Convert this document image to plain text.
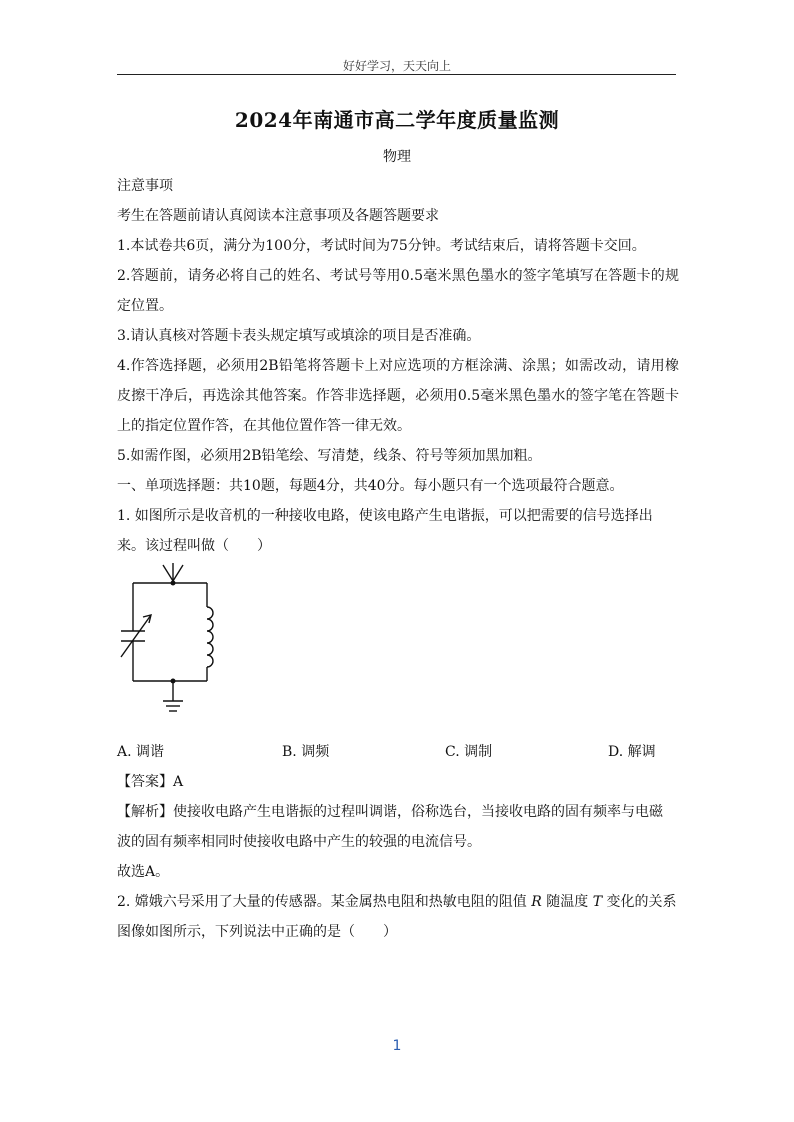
好好学习，天天向上
2024年南通市高二学年度质量监测
物理
注意事项
考生在答题前请认真阅读本注意事项及各题答题要求
1.本试卷共6页，满分为100分，考试时间为75分钟。考试结束后，请将答题卡交回。
2.答题前，请务必将自己的姓名、考试号等用0.5毫米黑色墨水的签字笔填写在答题卡的规定位置。
3.请认真核对答题卡表头规定填写或填涂的项目是否准确。
4.作答选择题，必须用2B铅笔将答题卡上对应选项的方框涂满、涂黑；如需改动，请用橡皮擦干净后，再选涂其他答案。作答非选择题，必须用0.5毫米黑色墨水的签字笔在答题卡上的指定位置作答，在其他位置作答一律无效。
5.如需作图，必须用2B铅笔绘、写清楚，线条、符号等须加黑加粗。
一、单项选择题：共10题，每题4分，共40分。每小题只有一个选项最符合题意。
1. 如图所示是收音机的一种接收电路，使该电路产生电谐振，可以把需要的信号选择出
来。该过程叫做（　　）
A. 调谐	B. 调频	C. 调制	D. 解调
【答案】A
【解析】使接收电路产生电谐振的过程叫调谐，俗称选台，当接收电路的固有频率与电磁
波的固有频率相同时使接收电路中产生的较强的电流信号。
故选A。
2. 嫦娥六号采用了大量的传感器。某金属热电阻和热敏电阻的阻值 R 随温度 T 变化的关系
图像如图所示，下列说法中正确的是（　　）
1
